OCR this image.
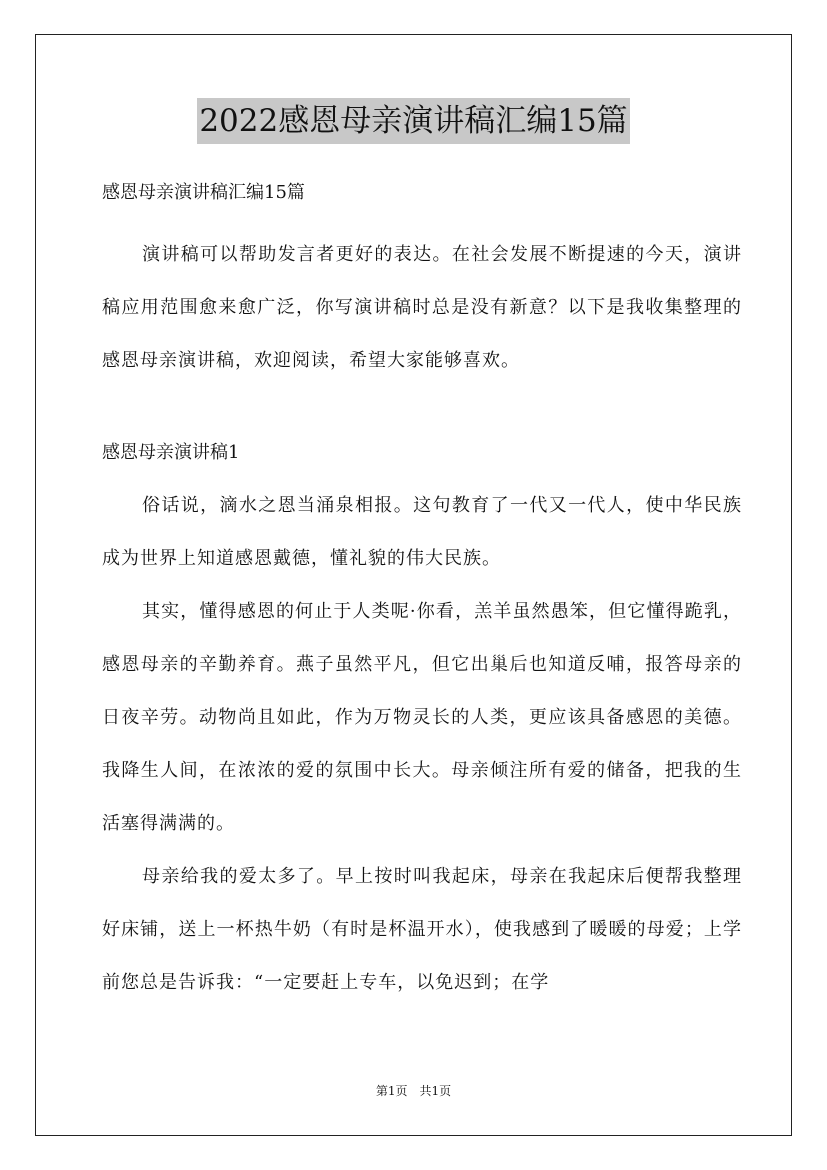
2022感恩母亲演讲稿汇编15篇

感恩母亲演讲稿汇编15篇

演讲稿可以帮助发言者更好的表达。在社会发展不断提速的今天，演讲稿应用范围愈来愈广泛，你写演讲稿时总是没有新意？以下是我收集整理的感恩母亲演讲稿，欢迎阅读，希望大家能够喜欢。

感恩母亲演讲稿1

俗话说，滴水之恩当涌泉相报。这句教育了一代又一代人，使中华民族成为世界上知道感恩戴德，懂礼貌的伟大民族。

其实，懂得感恩的何止于人类呢·你看，羔羊虽然愚笨，但它懂得跪乳，感恩母亲的辛勤养育。燕子虽然平凡，但它出巢后也知道反哺，报答母亲的日夜辛劳。动物尚且如此，作为万物灵长的人类，更应该具备感恩的美德。 我降生人间，在浓浓的爱的氛围中长大。母亲倾注所有爱的储备，把我的生活塞得满满的。

母亲给我的爱太多了。早上按时叫我起床，母亲在我起床后便帮我整理好床铺，送上一杯热牛奶（有时是杯温开水），使我感到了暖暖的母爱；上学前您总是告诉我：“一定要赶上专车，以免迟到；在学

第1页　共1页
